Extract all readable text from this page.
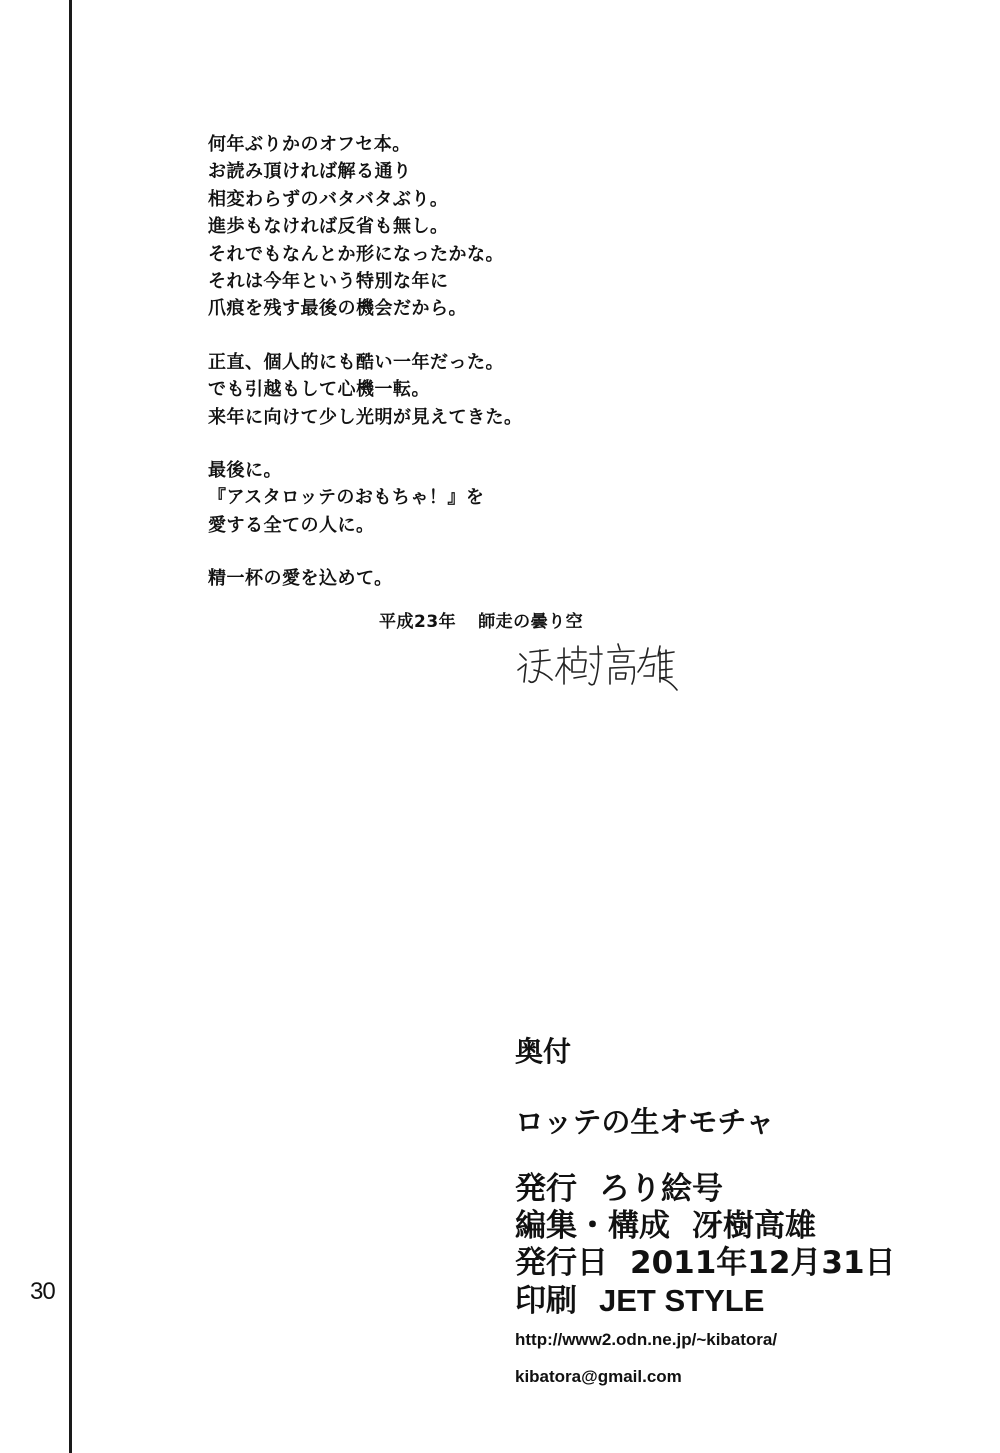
30
何年ぶりかのオフセ本。
お読み頂ければ解る通り
相変わらずのバタバタぶり。
進歩もなければ反省も無し。
それでもなんとか形になったかな。
それは今年という特別な年に
爪痕を残す最後の機会だから。
正直、個人的にも酷い一年だった。
でも引越もして心機一転。
来年に向けて少し光明が見えてきた。
最後に。
『アスタロッテのおもちゃ！』を
愛する全ての人に。
精一杯の愛を込めて。
平成23年 師走の曇り空
奥付
ロッテの生オモチャ
発行 ろり絵号
編集・構成 冴樹高雄
発行日 2011年12月31日
印刷 JET STYLE
http://www2.odn.ne.jp/~kibatora/
kibatora@gmail.com
